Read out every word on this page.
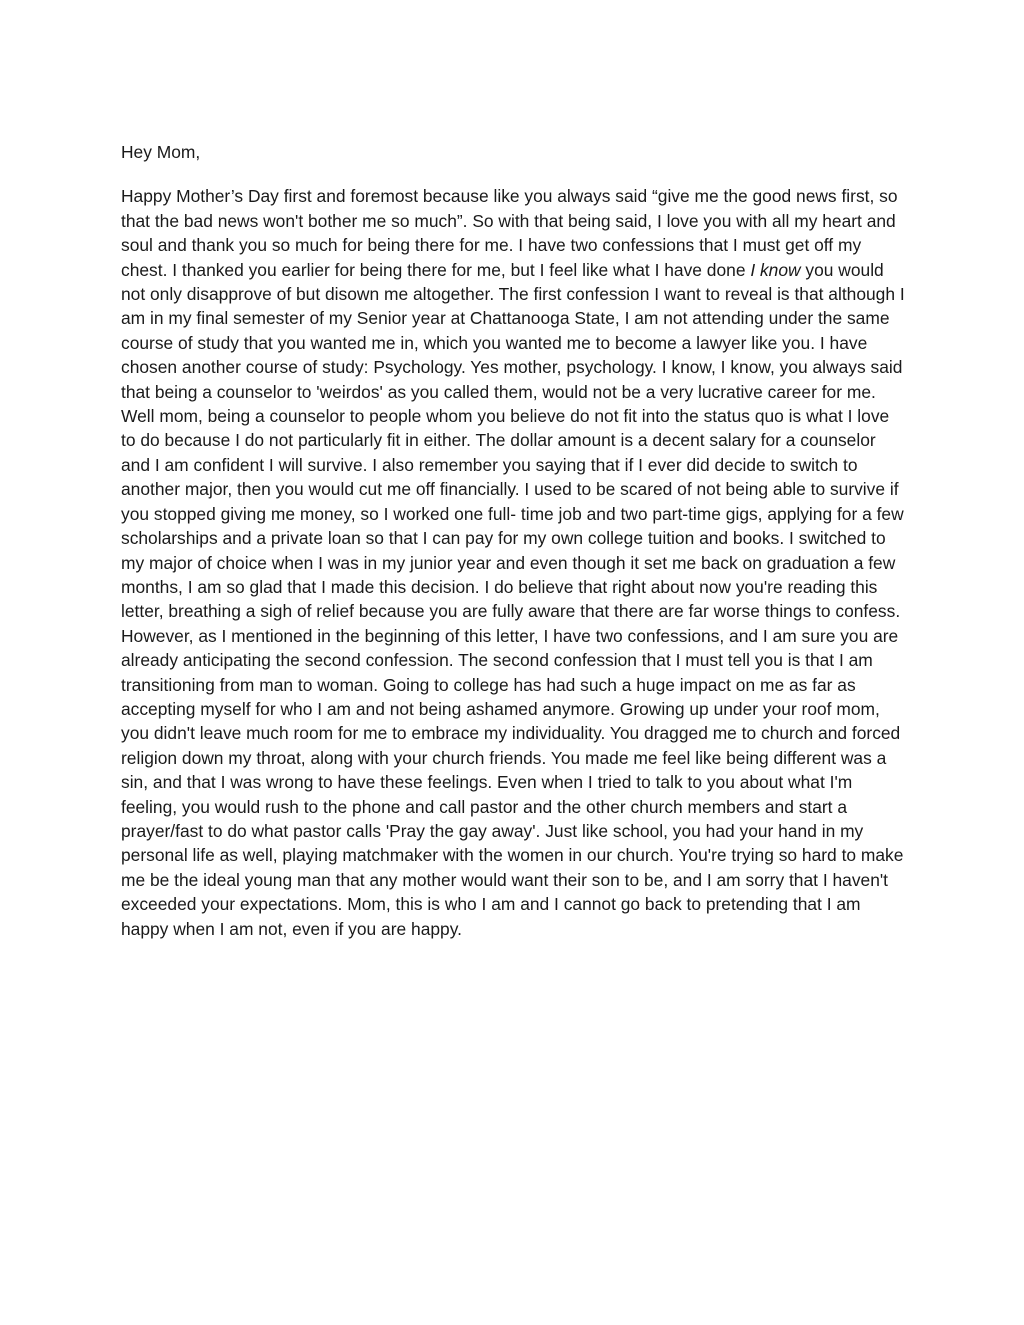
Hey Mom,

Happy Mother’s Day first and foremost because like you always said “give me the good news first, so that the bad news won't bother me so much”. So with that being said, I love you with all my heart and soul and thank you so much for being there for me. I have two confessions that I must get off my chest. I thanked you earlier for being there for me, but I feel like what I have done I know you would not only disapprove of but disown me altogether. The first confession I want to reveal is that although I am in my final semester of my Senior year at Chattanooga State, I am not attending under the same course of study that you wanted me in, which you wanted me to become a lawyer like you. I have chosen another course of study: Psychology. Yes mother, psychology. I know, I know, you always said that being a counselor to 'weirdos' as you called them, would not be a very lucrative career for me. Well mom, being a counselor to people whom you believe do not fit into the status quo is what I love to do because I do not particularly fit in either. The dollar amount is a decent salary for a counselor and I am confident I will survive. I also remember you saying that if I ever did decide to switch to another major, then you would cut me off financially. I used to be scared of not being able to survive if you stopped giving me money, so I worked one full- time job and two part-time gigs, applying for a few scholarships and a private loan so that I can pay for my own college tuition and books. I switched to my major of choice when I was in my junior year and even though it set me back on graduation a few months, I am so glad that I made this decision. I do believe that right about now you're reading this letter, breathing a sigh of relief because you are fully aware that there are far worse things to confess. However, as I mentioned in the beginning of this letter, I have two confessions, and I am sure you are already anticipating the second confession. The second confession that I must tell you is that I am transitioning from man to woman. Going to college has had such a huge impact on me as far as accepting myself for who I am and not being ashamed anymore. Growing up under your roof mom, you didn't leave much room for me to embrace my individuality. You dragged me to church and forced religion down my throat, along with your church friends. You made me feel like being different was a sin, and that I was wrong to have these feelings. Even when I tried to talk to you about what I'm feeling, you would rush to the phone and call pastor and the other church members and start a prayer/fast to do what pastor calls 'Pray the gay away'. Just like school, you had your hand in my personal life as well, playing matchmaker with the women in our church. You're trying so hard to make me be the ideal young man that any mother would want their son to be, and I am sorry that I haven't exceeded your expectations. Mom, this is who I am and I cannot go back to pretending that I am happy when I am not, even if you are happy.
